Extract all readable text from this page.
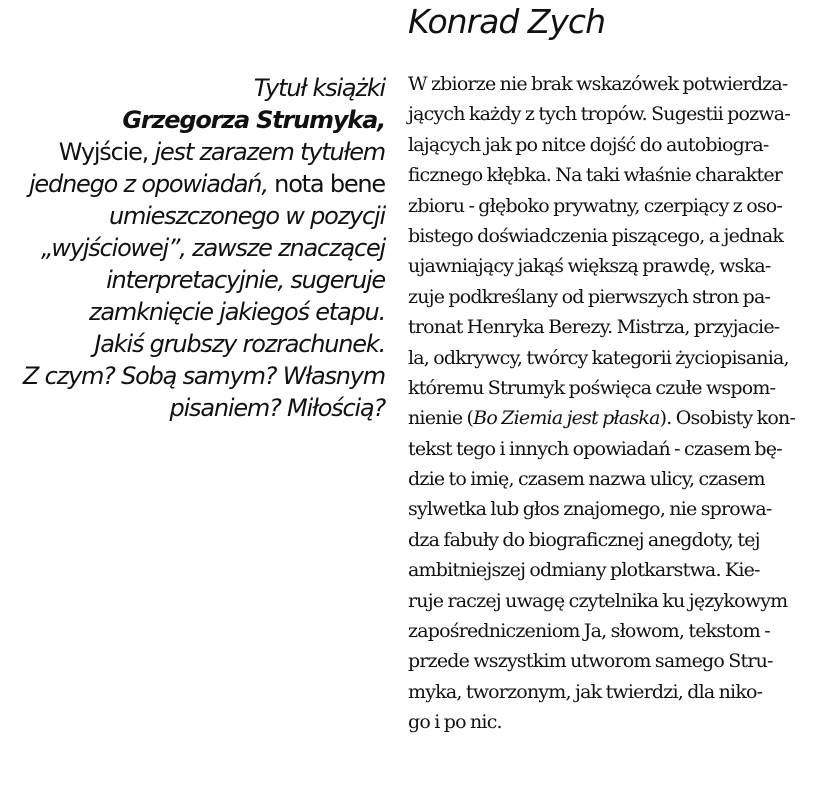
Konrad Zych
Tytuł książki
Grzegorza Strumyka,
Wyjście, jest zarazem tytułem
jednego z opowiadań, nota bene
umieszczonego w pozycji
„wyjściowej”, zawsze znaczącej
interpretacyjnie, sugeruje
zamknięcie jakiegoś etapu.
Jakiś grubszy rozrachunek.
Z czym? Sobą samym? Własnym
pisaniem? Miłością?
W zbiorze nie brak wskazówek potwierdza-
jących każdy z tych tropów. Sugestii pozwa-
lających jak po nitce dojść do autobiogra-
ficznego kłębka. Na taki właśnie charakter
zbioru - głęboko prywatny, czerpiący z oso-
bistego doświadczenia piszącego, a jednak
ujawniający jakąś większą prawdę, wska-
zuje podkreślany od pierwszych stron pa-
tronat Henryka Berezy. Mistrza, przyjacie-
la, odkrywcy, twórcy kategorii życiopisania,
któremu Strumyk poświęca czułe wspom-
nienie (Bo Ziemia jest płaska). Osobisty kon-
tekst tego i innych opowiadań - czasem bę-
dzie to imię, czasem nazwa ulicy, czasem
sylwetka lub głos znajomego, nie sprowa-
dza fabuły do biograficznej anegdoty, tej
ambitniejszej odmiany plotkarstwa. Kie-
ruje raczej uwagę czytelnika ku językowym
zapośredniczeniom Ja, słowom, tekstom -
przede wszystkim utworom samego Stru-
myka, tworzonym, jak twierdzi, dla niko-
go i po nic.
